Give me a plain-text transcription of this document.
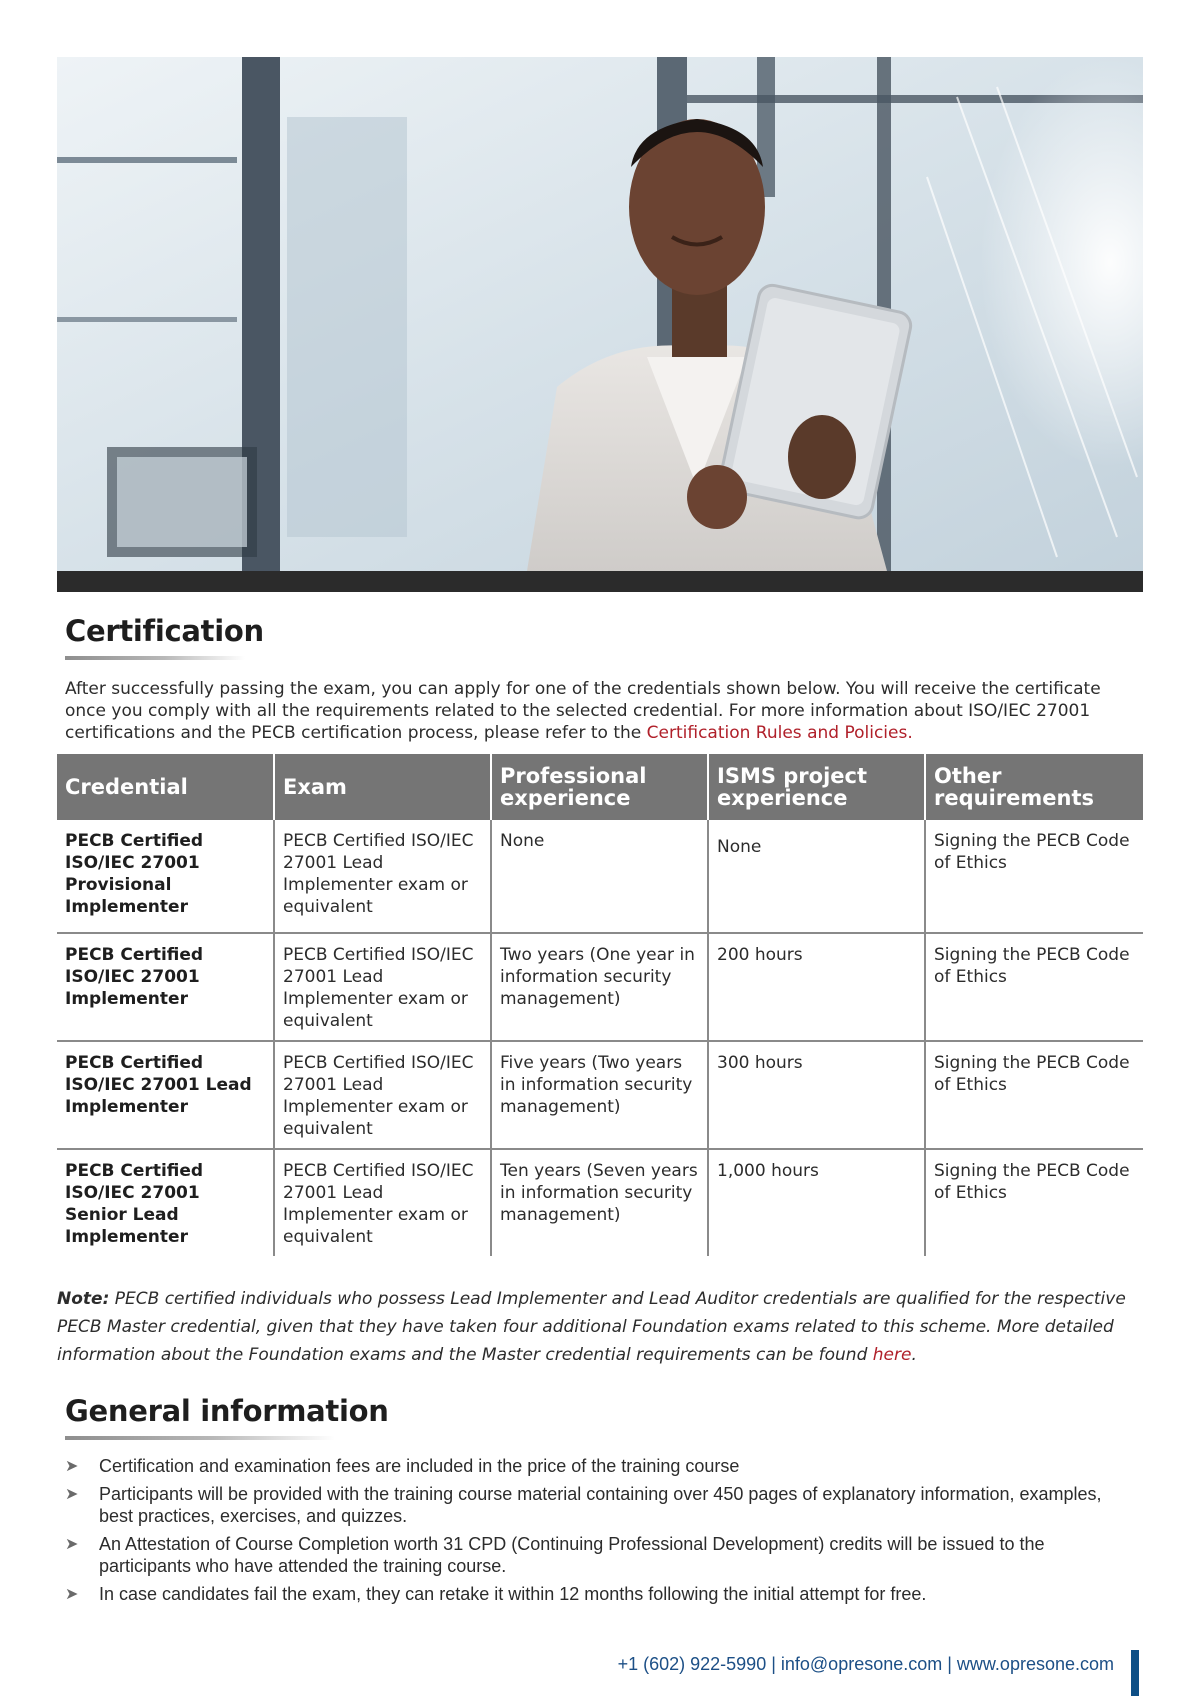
Certification

After successfully passing the exam, you can apply for one of the credentials shown below. You will receive the certificate once you comply with all the requirements related to the selected credential. For more information about ISO/IEC 27001 certifications and the PECB certification process, please refer to the Certification Rules and Policies.

Credential	Exam	Professional experience	ISMS project experience	Other requirements
PECB Certified ISO/IEC 27001 Provisional Implementer	PECB Certified ISO/IEC 27001 Lead Implementer exam or equivalent	None	None	Signing the PECB Code of Ethics
PECB Certified ISO/IEC 27001 Implementer	PECB Certified ISO/IEC 27001 Lead Implementer exam or equivalent	Two years (One year in information security management)	200 hours	Signing the PECB Code of Ethics
PECB Certified ISO/IEC 27001 Lead Implementer	PECB Certified ISO/IEC 27001 Lead Implementer exam or equivalent	Five years (Two years in information security management)	300 hours	Signing the PECB Code of Ethics
PECB Certified ISO/IEC 27001 Senior Lead Implementer	PECB Certified ISO/IEC 27001 Lead Implementer exam or equivalent	Ten years (Seven years in information security management)	1,000 hours	Signing the PECB Code of Ethics

Note: PECB certified individuals who possess Lead Implementer and Lead Auditor credentials are qualified for the respective PECB Master credential, given that they have taken four additional Foundation exams related to this scheme. More detailed information about the Foundation exams and the Master credential requirements can be found here.

General information
➤ Certification and examination fees are included in the price of the training course
➤ Participants will be provided with the training course material containing over 450 pages of explanatory information, examples, best practices, exercises, and quizzes.
➤ An Attestation of Course Completion worth 31 CPD (Continuing Professional Development) credits will be issued to the participants who have attended the training course.
➤ In case candidates fail the exam, they can retake it within 12 months following the initial attempt for free.
+1 (602) 922-5990 | info@opresone.com | www.opresone.com
